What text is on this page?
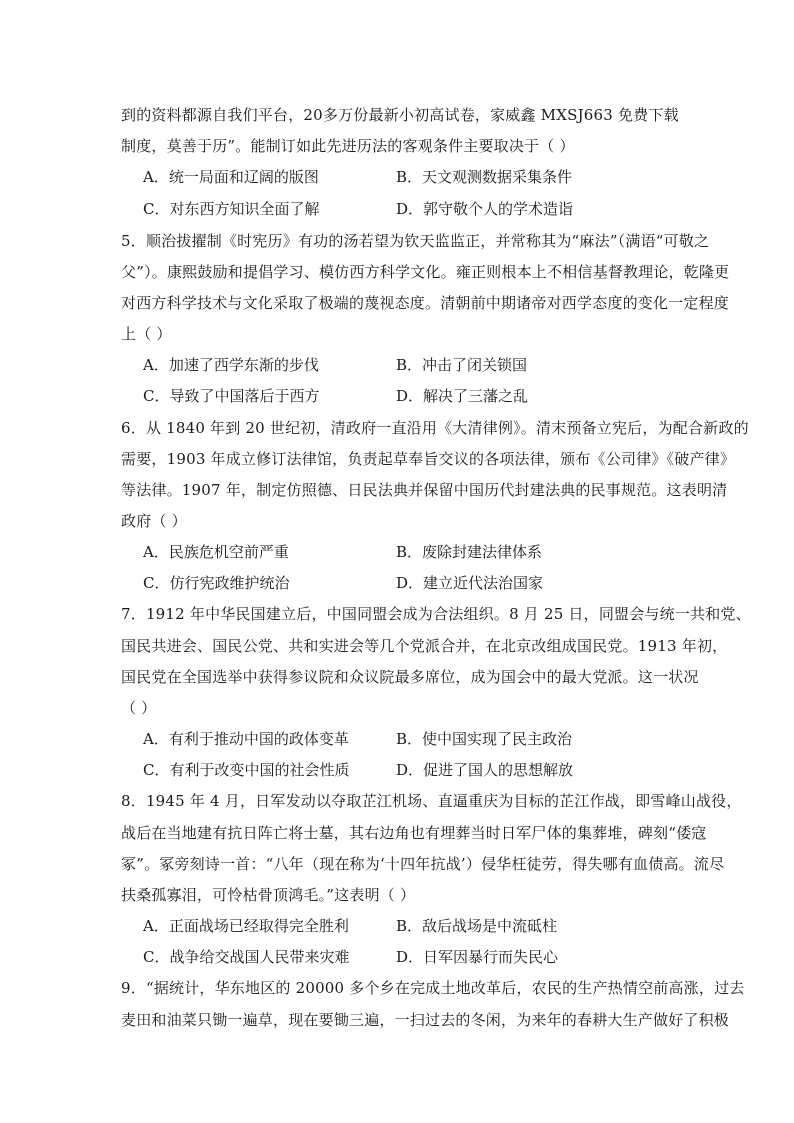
到的资料都源自我们平台，20多万份最新小初高试卷，家威鑫 MXSJ663 免费下载
制度，莫善于历”。能制订如此先进历法的客观条件主要取决于（ ）
A．统一局面和辽阔的版图	B．天文观测数据采集条件
C．对东西方知识全面了解	D．郭守敬个人的学术造诣
5．顺治拔擢制《时宪历》有功的汤若望为钦天监监正，并常称其为“麻法”（满语“可敬之
父”）。康熙鼓励和提倡学习、模仿西方科学文化。雍正则根本上不相信基督教理论，乾隆更
对西方科学技术与文化采取了极端的蔑视态度。清朝前中期诸帝对西学态度的变化一定程度
上（ ）
A．加速了西学东渐的步伐	B．冲击了闭关锁国
C．导致了中国落后于西方	D．解决了三藩之乱
6．从 1840 年到 20 世纪初，清政府一直沿用《大清律例》。清末预备立宪后，为配合新政的
需要，1903 年成立修订法律馆，负责起草奉旨交议的各项法律，颁布《公司律》《破产律》
等法律。1907 年，制定仿照德、日民法典并保留中国历代封建法典的民事规范。这表明清
政府（ ）
A．民族危机空前严重	B．废除封建法律体系
C．仿行宪政维护统治	D．建立近代法治国家
7．1912 年中华民国建立后，中国同盟会成为合法组织。8 月 25 日，同盟会与统一共和党、
国民共进会、国民公党、共和实进会等几个党派合并，在北京改组成国民党。1913 年初，
国民党在全国选举中获得参议院和众议院最多席位，成为国会中的最大党派。这一状况
（ ）
A．有利于推动中国的政体变革	B．使中国实现了民主政治
C．有利于改变中国的社会性质	D．促进了国人的思想解放
8．1945 年 4 月，日军发动以夺取芷江机场、直逼重庆为目标的芷江作战，即雪峰山战役，
战后在当地建有抗日阵亡将士墓，其右边角也有埋葬当时日军尸体的集葬堆，碑刻“倭寇
冢”。冢旁刻诗一首：“八年（现在称为‘十四年抗战’）侵华枉徒劳，得失哪有血债高。流尽
扶桑孤寡泪，可怜枯骨顶鸿毛。”这表明（ ）
A．正面战场已经取得完全胜利	B．敌后战场是中流砥柱
C．战争给交战国人民带来灾难	D．日军因暴行而失民心
9．“据统计，华东地区的 20000 多个乡在完成土地改革后，农民的生产热情空前高涨，过去
麦田和油菜只锄一遍草，现在要锄三遍，一扫过去的冬闲，为来年的春耕大生产做好了积极
